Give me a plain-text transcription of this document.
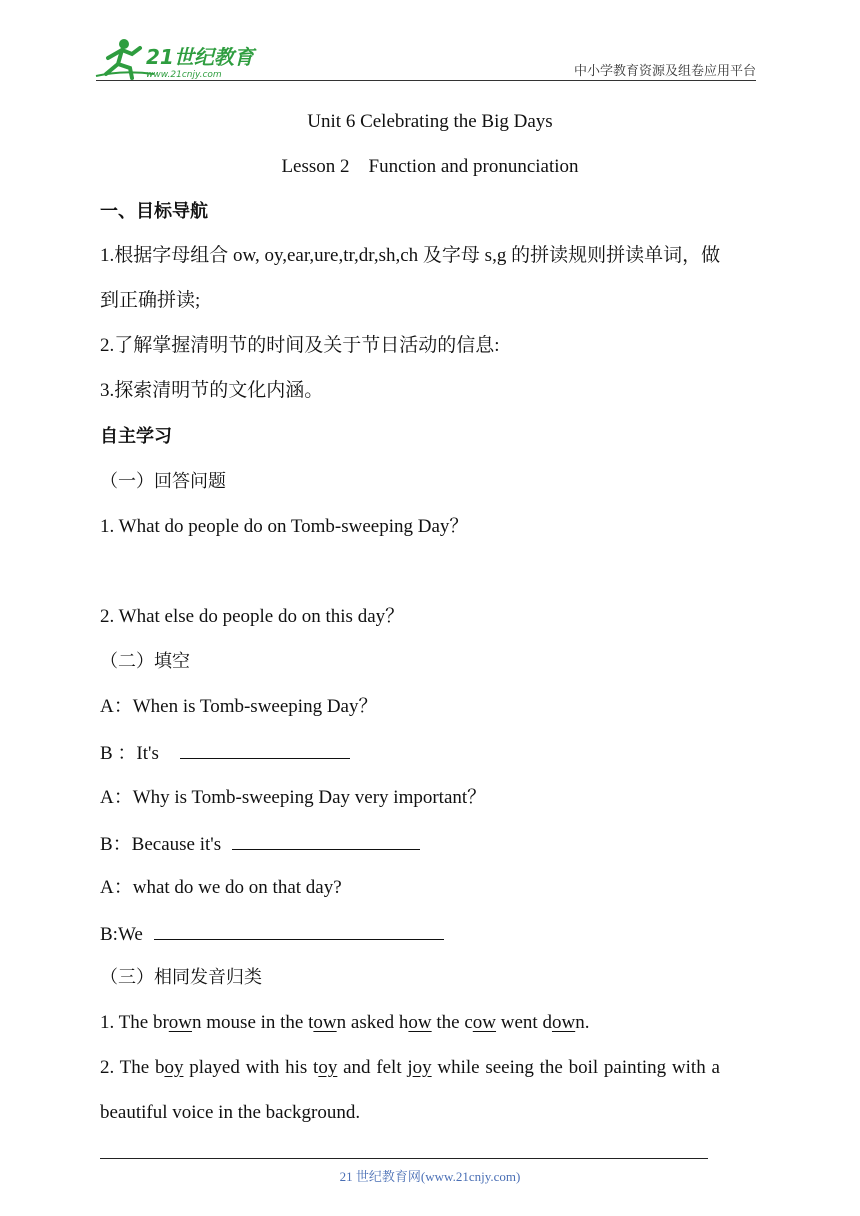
21世纪教育
www.21cnjy.com	中小学教育资源及组卷应用平台
Unit 6 Celebrating the Big Days
Lesson 2    Function and pronunciation
一、目标导航
1.根据字母组合 ow, oy,ear,ure,tr,dr,sh,ch 及字母 s,g 的拼读规则拼读单词，做
到正确拼读;
2.了解掌握清明节的时间及关于节日活动的信息:
3.探索清明节的文化内涵。
自主学习
（一）回答问题
1. What do people do on Tomb-sweeping Day？
2. What else do people do on this day？
（二）填空
A：When is Tomb-sweeping Day？
B ：It's
A：Why is Tomb-sweeping Day very important？
B：Because it's
A：what do we do on that day?
B:We
（三）相同发音归类
1. The brown mouse in the town asked how the cow went down.
2. The boy played with his toy and felt joy while seeing the boil painting with a
beautiful voice in the background.
21 世纪教育网(www.21cnjy.com)
